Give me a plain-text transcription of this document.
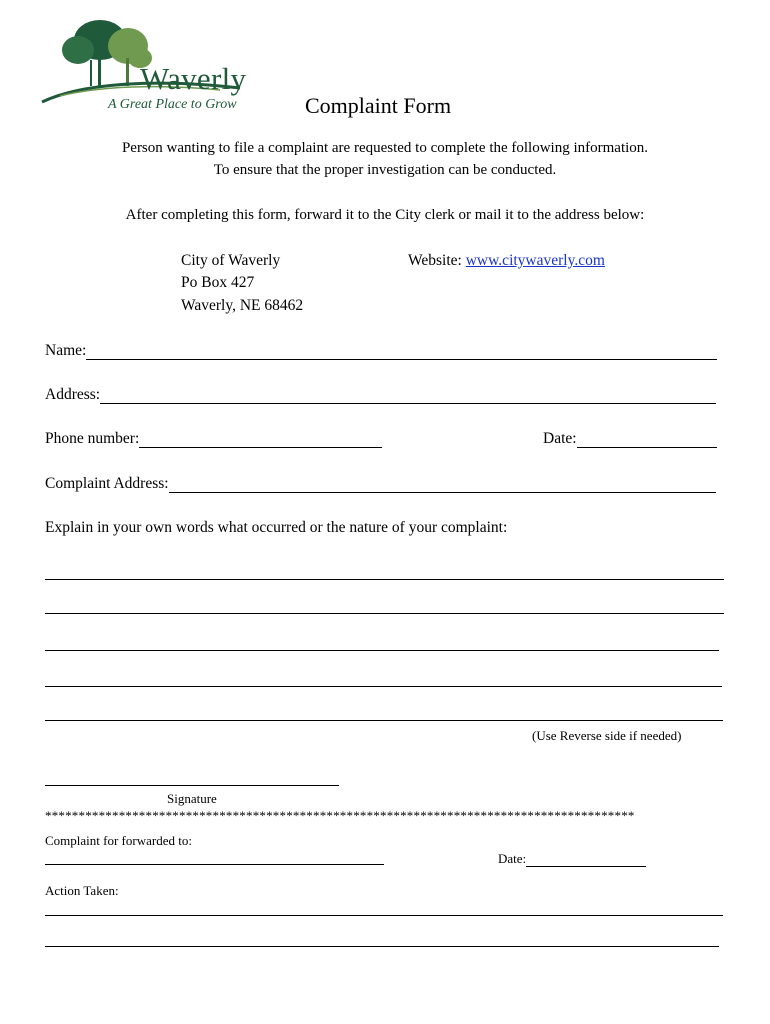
Waverly
A Great Place to Grow	Complaint Form
Person wanting to file a complaint are requested to complete the following information.
To ensure that the proper investigation can be conducted.
After completing this form, forward it to the City clerk or mail it to the address below:
City of Waverly
Po Box 427
Waverly, NE 68462
Website: www.citywaverly.com
Name:
Address:
Phone number:	Date:
Complaint Address:
Explain in your own words what occurred or the nature of your complaint:
(Use Reverse side if needed)
Signature
****************************************************************************************
Complaint for forwarded to:
Date:
Action Taken:
